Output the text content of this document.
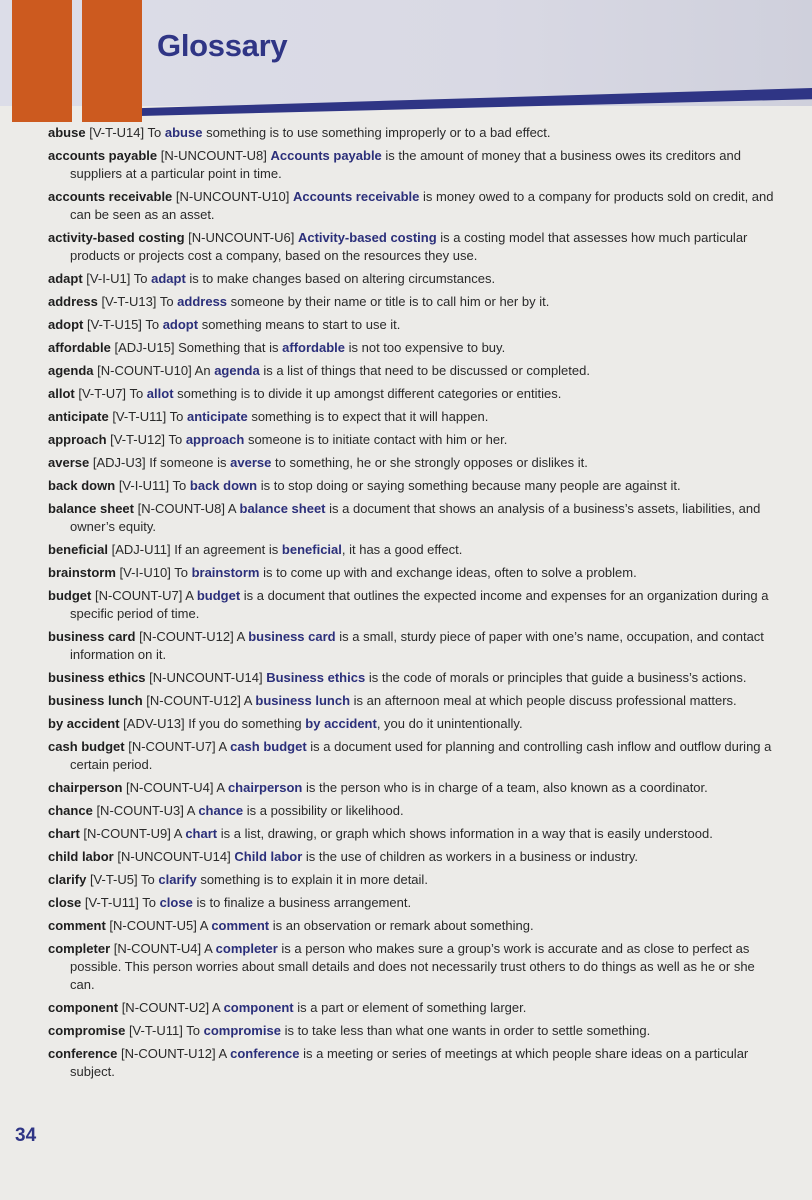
Glossary

abuse [V-T-U14] To abuse something is to use something improperly or to a bad effect.

accounts payable [N-UNCOUNT-U8] Accounts payable is the amount of money that a business owes its creditors and suppliers at a particular point in time.

accounts receivable [N-UNCOUNT-U10] Accounts receivable is money owed to a company for products sold on credit, and can be seen as an asset.

activity-based costing [N-UNCOUNT-U6] Activity-based costing is a costing model that assesses how much particular products or projects cost a company, based on the resources they use.

adapt [V-I-U1] To adapt is to make changes based on altering circumstances.

address [V-T-U13] To address someone by their name or title is to call him or her by it.

adopt [V-T-U15] To adopt something means to start to use it.

affordable [ADJ-U15] Something that is affordable is not too expensive to buy.

agenda [N-COUNT-U10] An agenda is a list of things that need to be discussed or completed.

allot [V-T-U7] To allot something is to divide it up amongst different categories or entities.

anticipate [V-T-U11] To anticipate something is to expect that it will happen.

approach [V-T-U12] To approach someone is to initiate contact with him or her.

averse [ADJ-U3] If someone is averse to something, he or she strongly opposes or dislikes it.

back down [V-I-U11] To back down is to stop doing or saying something because many people are against it.

balance sheet [N-COUNT-U8] A balance sheet is a document that shows an analysis of a business’s assets, liabilities, and owner’s equity.

beneficial [ADJ-U11] If an agreement is beneficial, it has a good effect.

brainstorm [V-I-U10] To brainstorm is to come up with and exchange ideas, often to solve a problem.

budget [N-COUNT-U7] A budget is a document that outlines the expected income and expenses for an organization during a specific period of time.

business card [N-COUNT-U12] A business card is a small, sturdy piece of paper with one’s name, occupation, and contact information on it.

business ethics [N-UNCOUNT-U14] Business ethics is the code of morals or principles that guide a business’s actions.

business lunch [N-COUNT-U12] A business lunch is an afternoon meal at which people discuss professional matters.

by accident [ADV-U13] If you do something by accident, you do it unintentionally.

cash budget [N-COUNT-U7] A cash budget is a document used for planning and controlling cash inflow and outflow during a certain period.

chairperson [N-COUNT-U4] A chairperson is the person who is in charge of a team, also known as a coordinator.

chance [N-COUNT-U3] A chance is a possibility or likelihood.

chart [N-COUNT-U9] A chart is a list, drawing, or graph which shows information in a way that is easily understood.

child labor [N-UNCOUNT-U14] Child labor is the use of children as workers in a business or industry.

clarify [V-T-U5] To clarify something is to explain it in more detail.

close [V-T-U11] To close is to finalize a business arrangement.

comment [N-COUNT-U5] A comment is an observation or remark about something.

completer [N-COUNT-U4] A completer is a person who makes sure a group’s work is accurate and as close to perfect as possible. This person worries about small details and does not necessarily trust others to do things as well as he or she can.

component [N-COUNT-U2] A component is a part or element of something larger.

compromise [V-T-U11] To compromise is to take less than what one wants in order to settle something.

conference [N-COUNT-U12] A conference is a meeting or series of meetings at which people share ideas on a particular subject.

34
